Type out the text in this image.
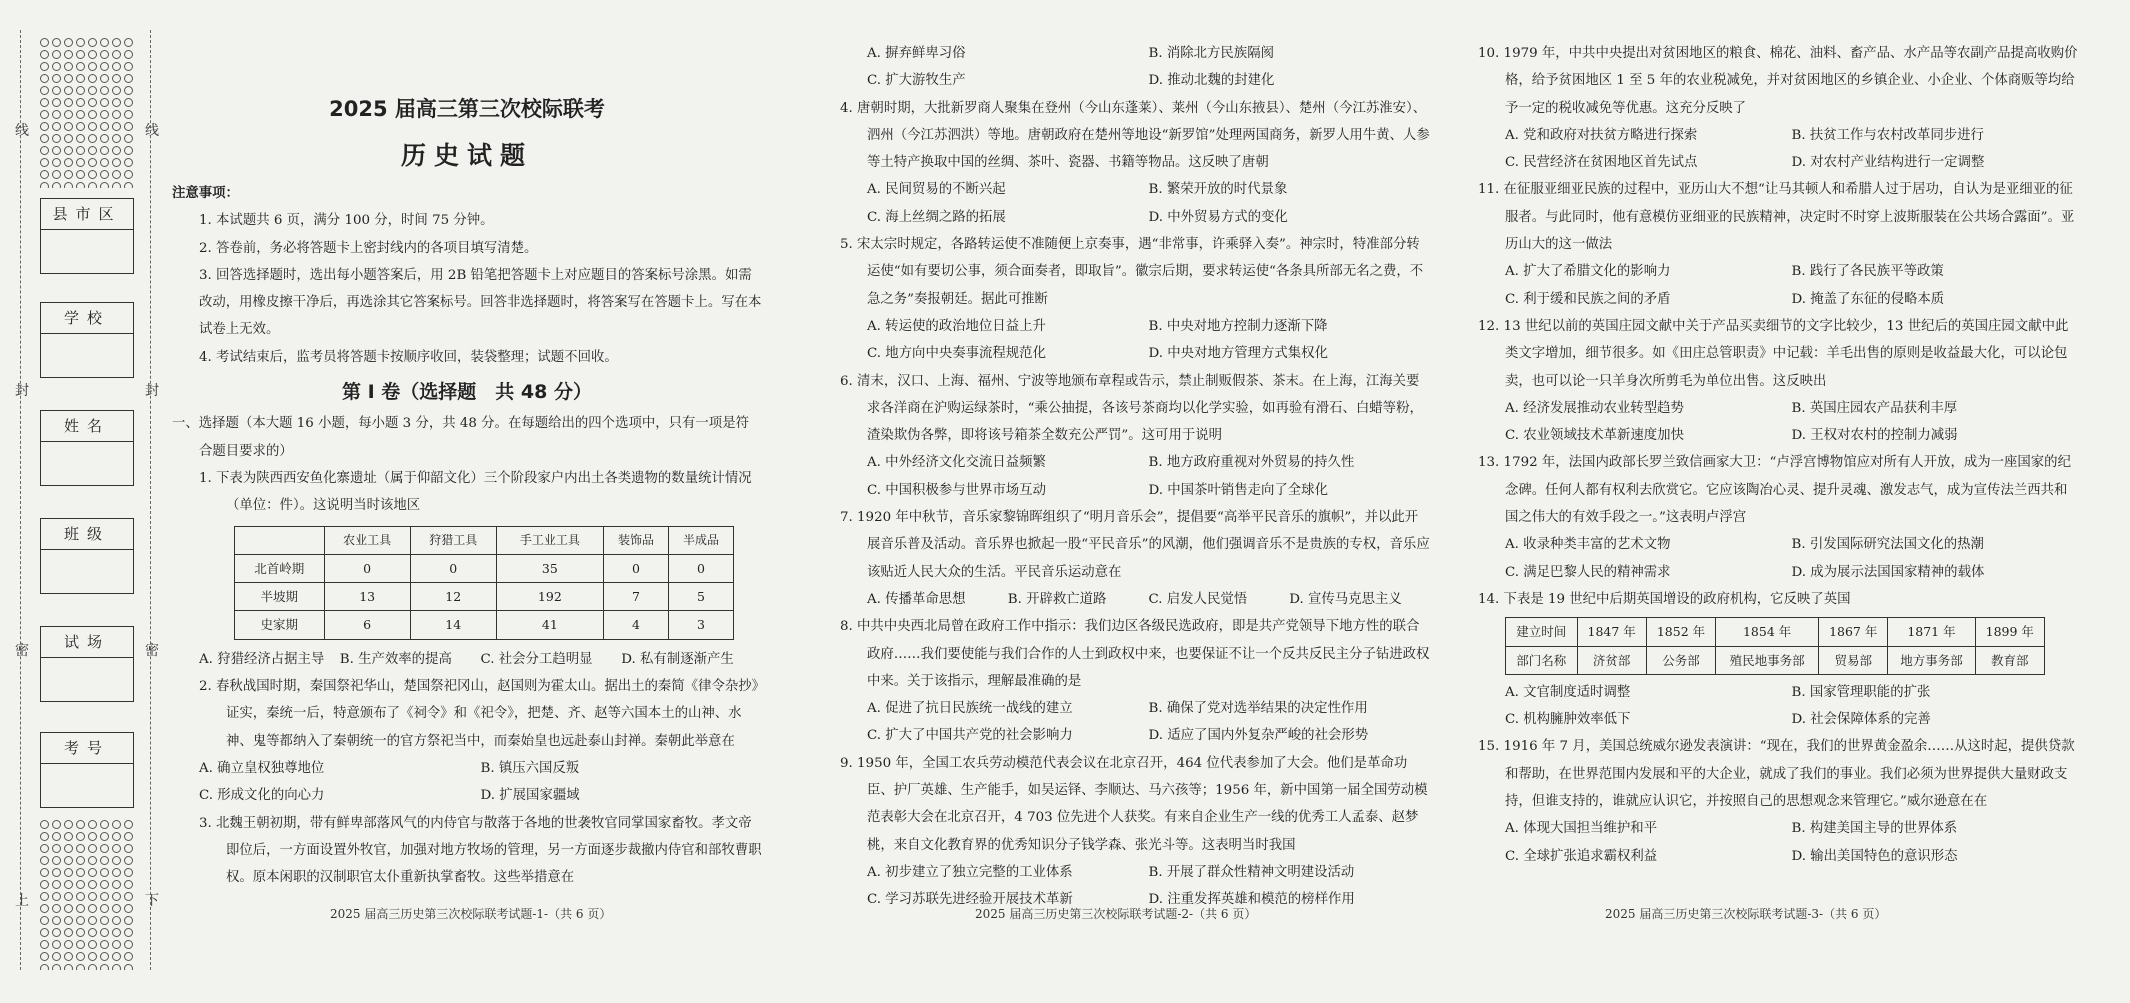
线
封
密
上
线
封
密
下
县市区
学校
姓名
班级
试场
考号
2025 届高三第三次校际联考
历史试题
注意事项：
1. 本试题共 6 页，满分 100 分，时间 75 分钟。
2. 答卷前，务必将答题卡上密封线内的各项目填写清楚。
3. 回答选择题时，选出每小题答案后，用 2B 铅笔把答题卡上对应题目的答案标号涂黑。如需改动，用橡皮擦干净后，再选涂其它答案标号。回答非选择题时，将答案写在答题卡上。写在本试卷上无效。
4. 考试结束后，监考员将答题卡按顺序收回，装袋整理；试题不回收。
第 I 卷（选择题　共 48 分）
一、选择题（本大题 16 小题，每小题 3 分，共 48 分。在每题给出的四个选项中，只有一项是符合题目要求的）
1. 下表为陕西西安鱼化寨遗址（属于仰韶文化）三个阶段家户内出土各类遗物的数量统计情况（单位：件）。这说明当时该地区
	农业工具	狩猎工具	手工业工具	装饰品	半成品
北首岭期	0	0	35	0	0
半坡期	13	12	192	7	5
史家期	6	14	41	4	3
A. 狩猎经济占据主导	B. 生产效率的提高	C. 社会分工趋明显	D. 私有制逐渐产生
2. 春秋战国时期，秦国祭祀华山，楚国祭祀冈山，赵国则为霍太山。据出土的秦简《律令杂抄》证实，秦统一后，特意颁布了《祠令》和《祀令》，把楚、齐、赵等六国本土的山神、水神、鬼等都纳入了秦朝统一的官方祭祀当中，而秦始皇也远赴泰山封禅。秦朝此举意在
A. 确立皇权独尊地位	B. 镇压六国反叛
C. 形成文化的向心力	D. 扩展国家疆域
3. 北魏王朝初期，带有鲜卑部落风气的内侍官与散落于各地的世袭牧官同掌国家畜牧。孝文帝即位后，一方面设置外牧官，加强对地方牧场的管理，另一方面逐步裁撤内侍官和部牧曹职权。原本闲职的汉制职官太仆重新执掌畜牧。这些举措意在
2025 届高三历史第三次校际联考试题-1-（共 6 页）
A. 摒弃鲜卑习俗	B. 消除北方民族隔阂
C. 扩大游牧生产	D. 推动北魏的封建化
4. 唐朝时期，大批新罗商人聚集在登州（今山东蓬莱）、莱州（今山东掖县）、楚州（今江苏淮安）、泗州（今江苏泗洪）等地。唐朝政府在楚州等地设“新罗馆”处理两国商务，新罗人用牛黄、人参等土特产换取中国的丝绸、茶叶、瓷器、书籍等物品。这反映了唐朝
A. 民间贸易的不断兴起	B. 繁荣开放的时代景象
C. 海上丝绸之路的拓展	D. 中外贸易方式的变化
5. 宋太宗时规定，各路转运使不准随便上京奏事，遇“非常事，许乘驿入奏”。神宗时，特准部分转运使“如有要切公事，须合面奏者，即取旨”。徽宗后期，要求转运使“各条具所部无名之费，不急之务”奏报朝廷。据此可推断
A. 转运使的政治地位日益上升	B. 中央对地方控制力逐渐下降
C. 地方向中央奏事流程规范化	D. 中央对地方管理方式集权化
6. 清末，汉口、上海、福州、宁波等地颁布章程或告示，禁止制贩假茶、茶末。在上海，江海关要求各洋商在沪购运绿茶时，“乘公抽提，各该号茶商均以化学实验，如再验有滑石、白蜡等粉，渣染欺伪各弊，即将该号箱茶全数充公严罚”。这可用于说明
A. 中外经济文化交流日益频繁	B. 地方政府重视对外贸易的持久性
C. 中国积极参与世界市场互动	D. 中国茶叶销售走向了全球化
7. 1920 年中秋节，音乐家黎锦晖组织了“明月音乐会”，提倡要“高举平民音乐的旗帜”，并以此开展音乐普及活动。音乐界也掀起一股“平民音乐”的风潮，他们强调音乐不是贵族的专权，音乐应该贴近人民大众的生活。平民音乐运动意在
A. 传播革命思想	B. 开辟救亡道路	C. 启发人民觉悟	D. 宣传马克思主义
8. 中共中央西北局曾在政府工作中指示：我们边区各级民选政府，即是共产党领导下地方性的联合政府……我们要使能与我们合作的人士到政权中来，也要保证不让一个反共反民主分子钻进政权中来。关于该指示，理解最准确的是
A. 促进了抗日民族统一战线的建立	B. 确保了党对选举结果的决定性作用
C. 扩大了中国共产党的社会影响力	D. 适应了国内外复杂严峻的社会形势
9. 1950 年，全国工农兵劳动模范代表会议在北京召开，464 位代表参加了大会。他们是革命功臣、护厂英雄、生产能手，如吴运铎、李顺达、马六孩等；1956 年，新中国第一届全国劳动模范表彰大会在北京召开，4 703 位先进个人获奖。有来自企业生产一线的优秀工人孟泰、赵梦桃，来自文化教育界的优秀知识分子钱学森、张光斗等。这表明当时我国
A. 初步建立了独立完整的工业体系	B. 开展了群众性精神文明建设活动
C. 学习苏联先进经验开展技术革新	D. 注重发挥英雄和模范的榜样作用
2025 届高三历史第三次校际联考试题-2-（共 6 页）
10. 1979 年，中共中央提出对贫困地区的粮食、棉花、油料、畜产品、水产品等农副产品提高收购价格，给予贫困地区 1 至 5 年的农业税减免，并对贫困地区的乡镇企业、小企业、个体商贩等均给予一定的税收减免等优惠。这充分反映了
A. 党和政府对扶贫方略进行探索	B. 扶贫工作与农村改革同步进行
C. 民营经济在贫困地区首先试点	D. 对农村产业结构进行一定调整
11. 在征服亚细亚民族的过程中，亚历山大不想“让马其顿人和希腊人过于居功，自认为是亚细亚的征服者。与此同时，他有意模仿亚细亚的民族精神，决定时不时穿上波斯服装在公共场合露面”。亚历山大的这一做法
A. 扩大了希腊文化的影响力	B. 践行了各民族平等政策
C. 利于缓和民族之间的矛盾	D. 掩盖了东征的侵略本质
12. 13 世纪以前的英国庄园文献中关于产品买卖细节的文字比较少，13 世纪后的英国庄园文献中此类文字增加，细节很多。如《田庄总管职责》中记载：羊毛出售的原则是收益最大化，可以论包卖，也可以论一只羊身次所剪毛为单位出售。这反映出
A. 经济发展推动农业转型趋势	B. 英国庄园农产品获利丰厚
C. 农业领域技术革新速度加快	D. 王权对农村的控制力减弱
13. 1792 年，法国内政部长罗兰致信画家大卫：“卢浮宫博物馆应对所有人开放，成为一座国家的纪念碑。任何人都有权利去欣赏它。它应该陶冶心灵、提升灵魂、激发志气，成为宣传法兰西共和国之伟大的有效手段之一。”这表明卢浮宫
A. 收录种类丰富的艺术文物	B. 引发国际研究法国文化的热潮
C. 满足巴黎人民的精神需求	D. 成为展示法国国家精神的载体
14. 下表是 19 世纪中后期英国增设的政府机构，它反映了英国
建立时间	1847 年	1852 年	1854 年	1867 年	1871 年	1899 年
部门名称	济贫部	公务部	殖民地事务部	贸易部	地方事务部	教育部
A. 文官制度适时调整	B. 国家管理职能的扩张
C. 机构臃肿效率低下	D. 社会保障体系的完善
15. 1916 年 7 月，美国总统威尔逊发表演讲：“现在，我们的世界黄金盈余……从这时起，提供贷款和帮助，在世界范围内发展和平的大企业，就成了我们的事业。我们必须为世界提供大量财政支持，但谁支持的，谁就应认识它，并按照自己的思想观念来管理它。”威尔逊意在在
A. 体现大国担当维护和平	B. 构建美国主导的世界体系
C. 全球扩张追求霸权利益	D. 输出美国特色的意识形态
2025 届高三历史第三次校际联考试题-3-（共 6 页）
